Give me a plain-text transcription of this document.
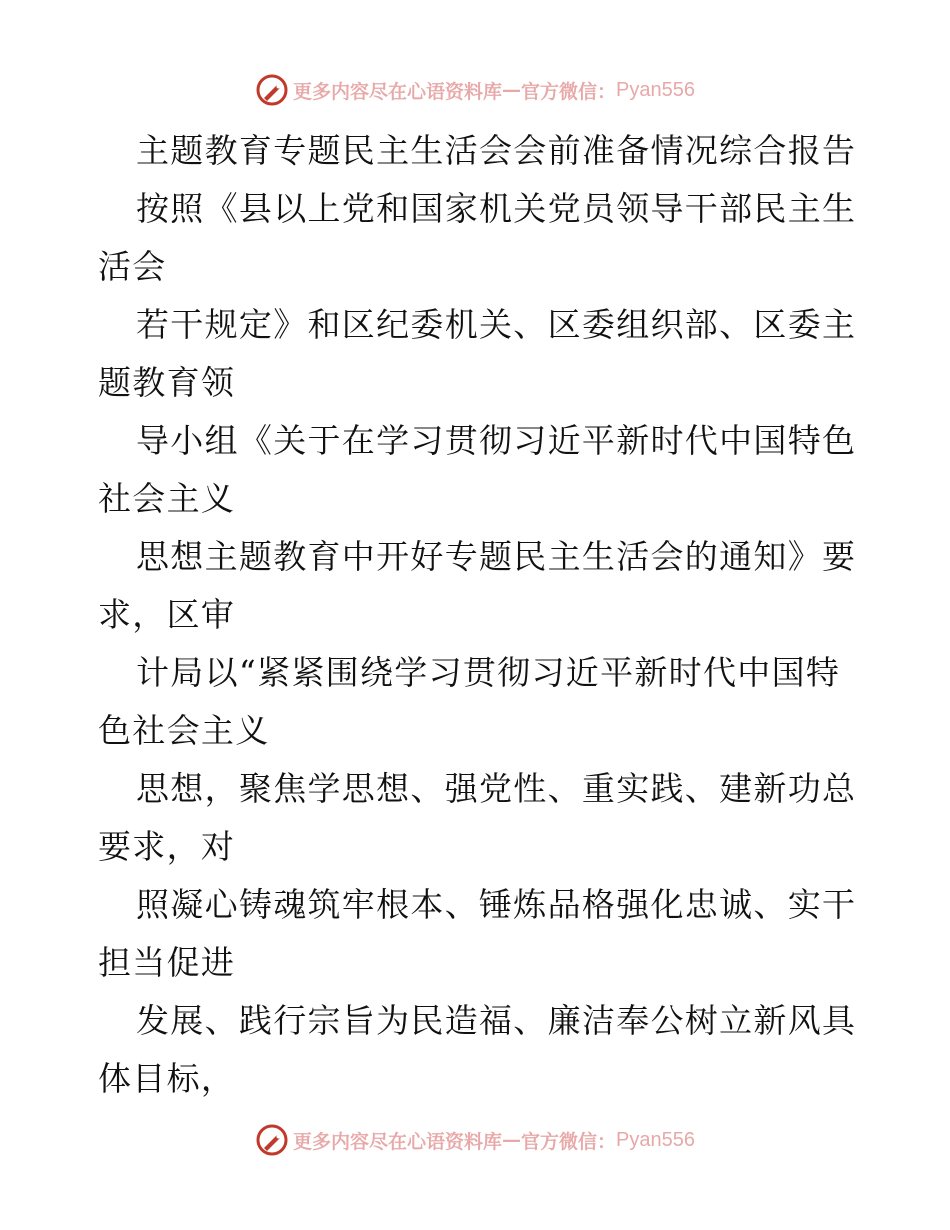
更多内容尽在心语资料库 — 官方微信： Pyan556
主题教育专题民主生活会会前准备情况综合报告
按照《县以上党和国家机关党员领导干部民主生
活会
若干规定》和区纪委机关、区委组织部、区委主
题教育领
导小组《关于在学习贯彻习近平新时代中国特色
社会主义
思想主题教育中开好专题民主生活会的通知》要
求，区审
计局以“紧紧围绕学习贯彻习近平新时代中国特
色社会主义
思想，聚焦学思想、强党性、重实践、建新功总
要求，对
照凝心铸魂筑牢根本、锤炼品格强化忠诚、实干
担当促进
发展、践行宗旨为民造福、廉洁奉公树立新风具
体目标，
更多内容尽在心语资料库 — 官方微信： Pyan556
